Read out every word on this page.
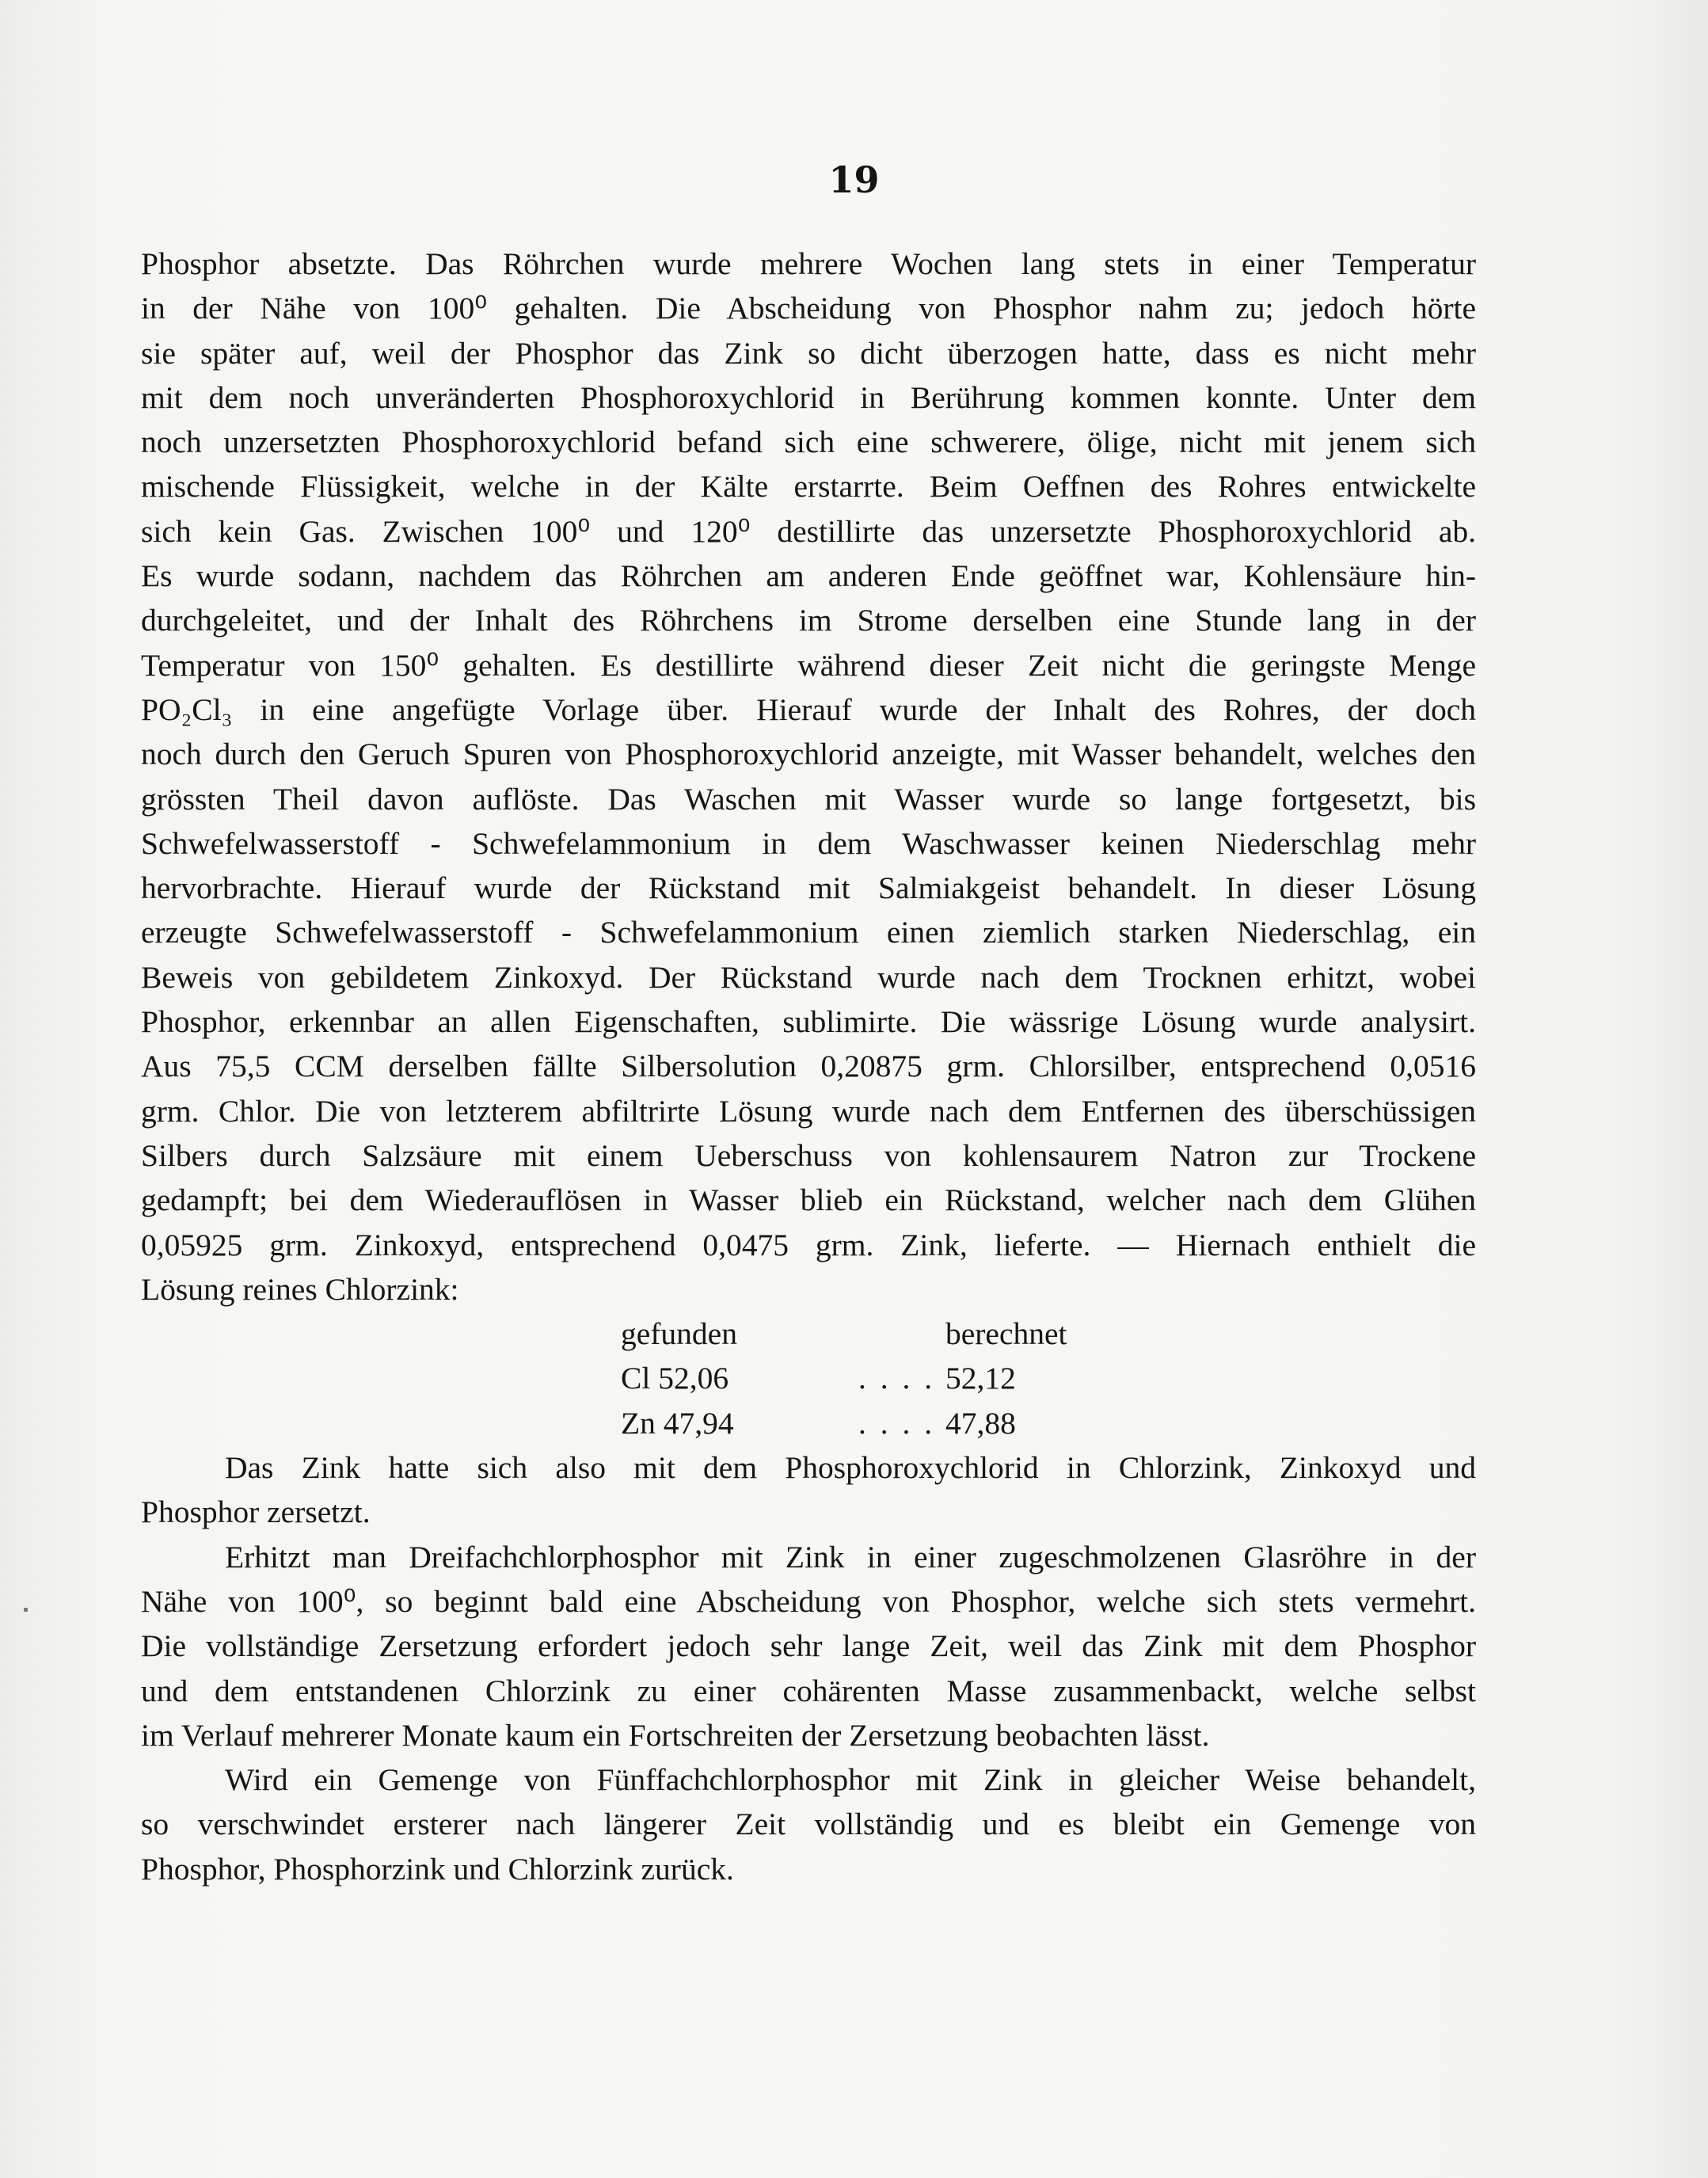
19
Phosphor absetzte. Das Röhrchen wurde mehrere Wochen lang stets in einer Temperatur
in der Nähe von 100⁰ gehalten. Die Abscheidung von Phosphor nahm zu; jedoch hörte
sie später auf, weil der Phosphor das Zink so dicht überzogen hatte, dass es nicht mehr
mit dem noch unveränderten Phosphoroxychlorid in Berührung kommen konnte. Unter dem
noch unzersetzten Phosphoroxychlorid befand sich eine schwerere, ölige, nicht mit jenem sich
mischende Flüssigkeit, welche in der Kälte erstarrte. Beim Oeffnen des Rohres entwickelte
sich kein Gas. Zwischen 100⁰ und 120⁰ destillirte das unzersetzte Phosphoroxychlorid ab.
Es wurde sodann, nachdem das Röhrchen am anderen Ende geöffnet war, Kohlensäure hin-
durchgeleitet, und der Inhalt des Röhrchens im Strome derselben eine Stunde lang in der
Temperatur von 150⁰ gehalten. Es destillirte während dieser Zeit nicht die geringste Menge
PO₂Cl₃ in eine angefügte Vorlage über. Hierauf wurde der Inhalt des Rohres, der doch
noch durch den Geruch Spuren von Phosphoroxychlorid anzeigte, mit Wasser behandelt, welches den
grössten Theil davon auflöste. Das Waschen mit Wasser wurde so lange fortgesetzt, bis
Schwefelwasserstoff - Schwefelammonium in dem Waschwasser keinen Niederschlag mehr
hervorbrachte. Hierauf wurde der Rückstand mit Salmiakgeist behandelt. In dieser Lösung
erzeugte Schwefelwasserstoff - Schwefelammonium einen ziemlich starken Niederschlag, ein
Beweis von gebildetem Zinkoxyd. Der Rückstand wurde nach dem Trocknen erhitzt, wobei
Phosphor, erkennbar an allen Eigenschaften, sublimirte. Die wässrige Lösung wurde analysirt.
Aus 75,5 CCM derselben fällte Silbersolution 0,20875 grm. Chlorsilber, entsprechend 0,0516
grm. Chlor. Die von letzterem abfiltrirte Lösung wurde nach dem Entfernen des überschüssigen
Silbers durch Salzsäure mit einem Ueberschuss von kohlensaurem Natron zur Trockene
gedampft; bei dem Wiederauflösen in Wasser blieb ein Rückstand, welcher nach dem Glühen
0,05925 grm. Zinkoxyd, entsprechend 0,0475 grm. Zink, lieferte. — Hiernach enthielt die
Lösung reines Chlorzink:
gefunden	berechnet
Cl 52,06	. . . . 52,12
Zn 47,94	. . . . 47,88
Das Zink hatte sich also mit dem Phosphoroxychlorid in Chlorzink, Zinkoxyd und
Phosphor zersetzt.
Erhitzt man Dreifachchlorphosphor mit Zink in einer zugeschmolzenen Glasröhre in der
Nähe von 100⁰, so beginnt bald eine Abscheidung von Phosphor, welche sich stets vermehrt.
Die vollständige Zersetzung erfordert jedoch sehr lange Zeit, weil das Zink mit dem Phosphor
und dem entstandenen Chlorzink zu einer cohärenten Masse zusammenbackt, welche selbst
im Verlauf mehrerer Monate kaum ein Fortschreiten der Zersetzung beobachten lässt.
Wird ein Gemenge von Fünffachchlorphosphor mit Zink in gleicher Weise behandelt,
so verschwindet ersterer nach längerer Zeit vollständig und es bleibt ein Gemenge von
Phosphor, Phosphorzink und Chlorzink zurück.
